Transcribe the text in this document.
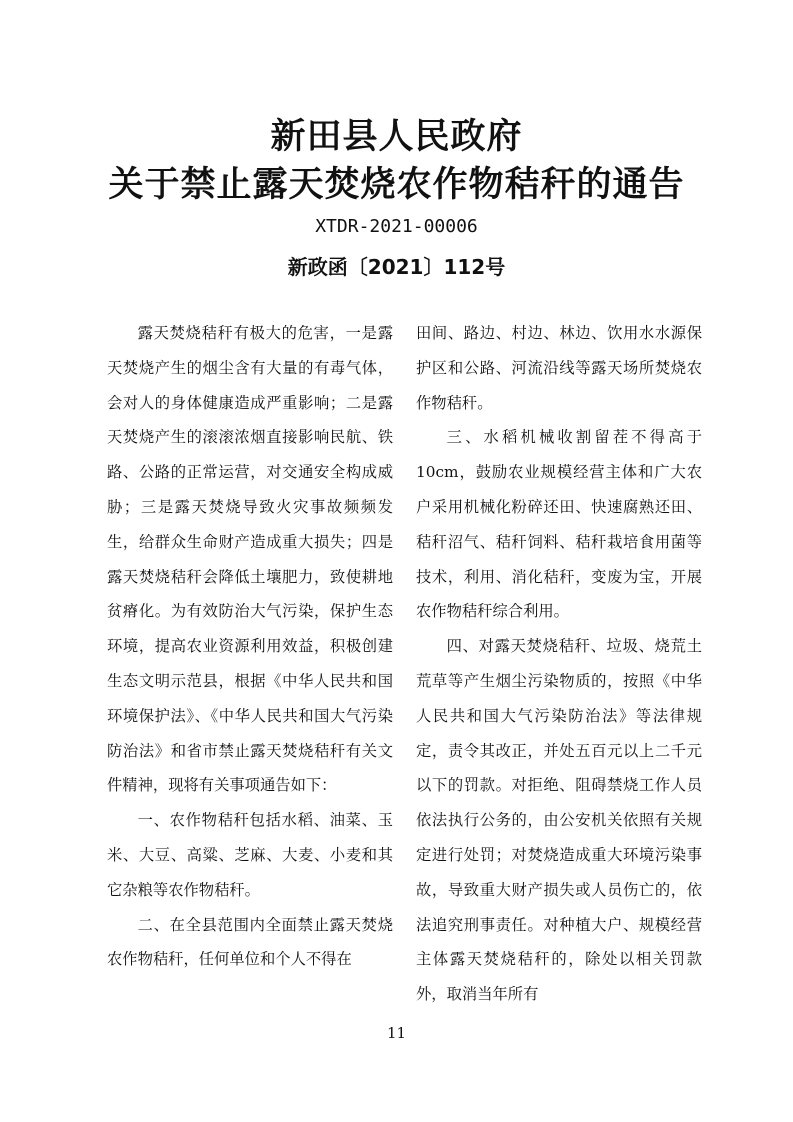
新田县人民政府
关于禁止露天焚烧农作物秸秆的通告
XTDR-2021-00006
新政函〔2021〕112号

露天焚烧秸秆有极大的危害，一是露天焚烧产生的烟尘含有大量的有毒气体，会对人的身体健康造成严重影响；二是露天焚烧产生的滚滚浓烟直接影响民航、铁路、公路的正常运营，对交通安全构成威胁；三是露天焚烧导致火灾事故频频发生，给群众生命财产造成重大损失；四是露天焚烧秸秆会降低土壤肥力，致使耕地贫瘠化。为有效防治大气污染，保护生态环境，提高农业资源利用效益，积极创建生态文明示范县，根据《中华人民共和国环境保护法》、《中华人民共和国大气污染防治法》和省市禁止露天焚烧秸秆有关文件精神，现将有关事项通告如下：

一、农作物秸秆包括水稻、油菜、玉米、大豆、高粱、芝麻、大麦、小麦和其它杂粮等农作物秸秆。

二、在全县范围内全面禁止露天焚烧农作物秸秆，任何单位和个人不得在

田间、路边、村边、林边、饮用水水源保护区和公路、河流沿线等露天场所焚烧农作物秸秆。

三、水稻机械收割留茬不得高于10cm，鼓励农业规模经营主体和广大农户采用机械化粉碎还田、快速腐熟还田、秸秆沼气、秸秆饲料、秸秆栽培食用菌等技术，利用、消化秸秆，变废为宝，开展农作物秸秆综合利用。

四、对露天焚烧秸秆、垃圾、烧荒土荒草等产生烟尘污染物质的，按照《中华人民共和国大气污染防治法》等法律规定，责令其改正，并处五百元以上二千元以下的罚款。对拒绝、阻碍禁烧工作人员依法执行公务的，由公安机关依照有关规定进行处罚；对焚烧造成重大环境污染事故，导致重大财产损失或人员伤亡的，依法追究刑事责任。对种植大户、规模经营主体露天焚烧秸秆的，除处以相关罚款外，取消当年所有

11
